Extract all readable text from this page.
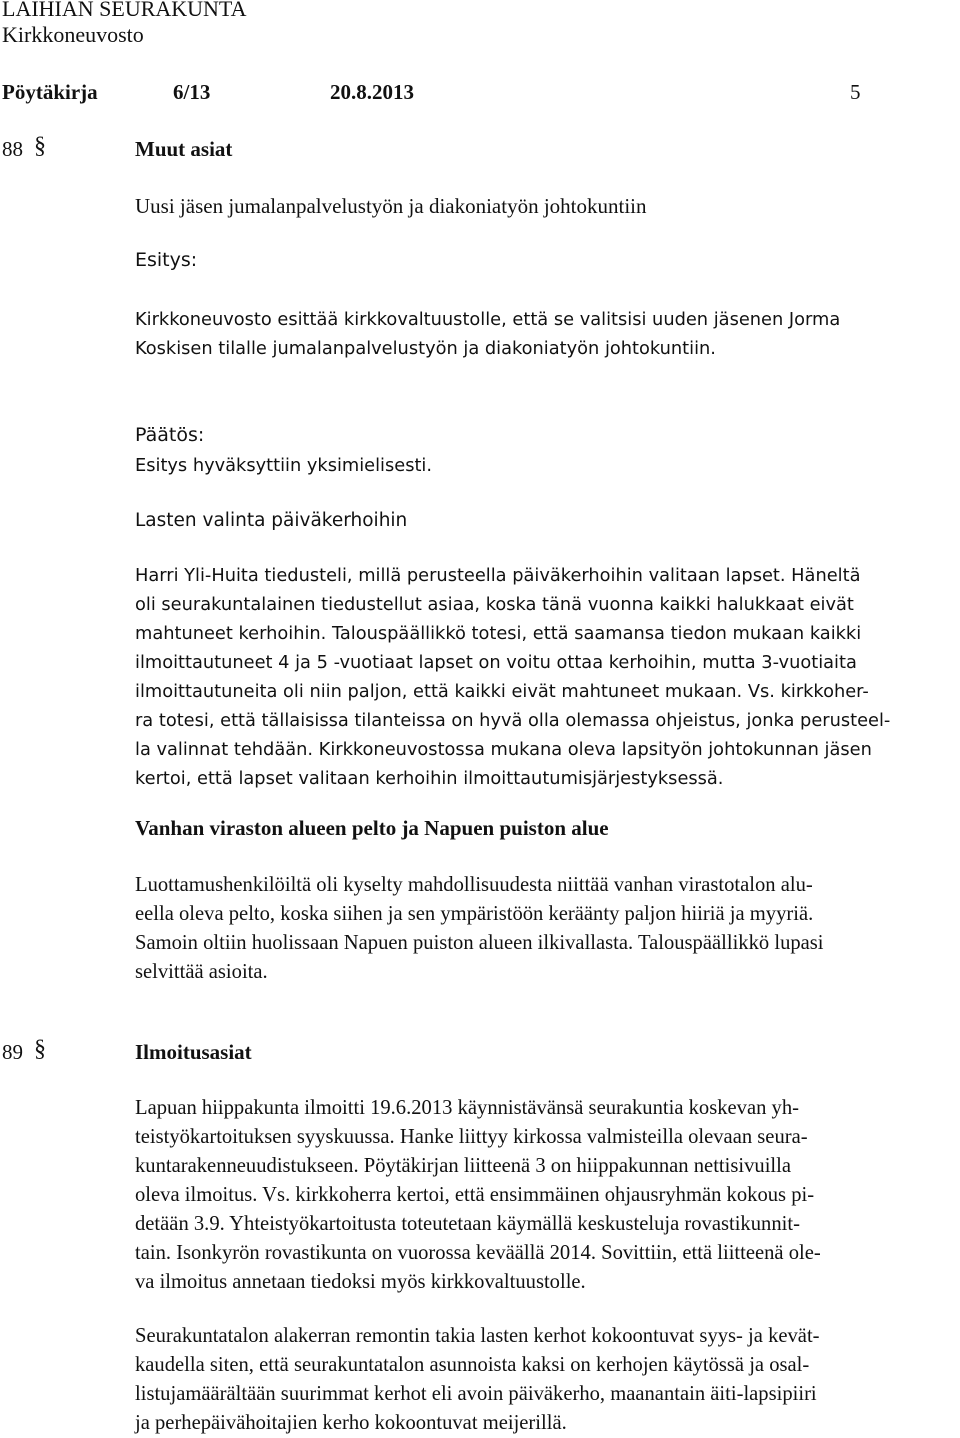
LAIHIAN SEURAKUNTA
Kirkkoneuvosto
Pöytäkirja	6/13	20.8.2013	5
88 §	Muut asiat
Uusi jäsen jumalanpalvelustyön ja diakoniatyön johtokuntiin
Esitys:
Kirkkoneuvosto esittää kirkkovaltuustolle, että se valitsisi uuden jäsenen Jorma
Koskisen tilalle jumalanpalvelustyön ja diakoniatyön johtokuntiin.
Päätös:
Esitys hyväksyttiin yksimielisesti.
Lasten valinta päiväkerhoihin
Harri Yli-Huita tiedusteli, millä perusteella päiväkerhoihin valitaan lapset. Häneltä
oli seurakuntalainen tiedustellut asiaa, koska tänä vuonna kaikki halukkaat eivät
mahtuneet kerhoihin. Talouspäällikkö totesi, että saamansa tiedon mukaan kaikki
ilmoittautuneet 4 ja 5 -vuotiaat lapset on voitu ottaa kerhoihin, mutta 3-vuotiaita
ilmoittautuneita oli niin paljon, että kaikki eivät mahtuneet mukaan. Vs. kirkkoher-
ra totesi, että tällaisissa tilanteissa on hyvä olla olemassa ohjeistus, jonka perusteel-
la valinnat tehdään. Kirkkoneuvostossa mukana oleva lapsityön johtokunnan jäsen
kertoi, että lapset valitaan kerhoihin ilmoittautumisjärjestyksessä.
Vanhan viraston alueen pelto ja Napuen puiston alue
Luottamushenkilöiltä oli kyselty mahdollisuudesta niittää vanhan virastotalon alu-
eella oleva pelto, koska siihen ja sen ympäristöön keräänty paljon hiiriä ja myyriä.
Samoin oltiin huolissaan Napuen puiston alueen ilkivallasta. Talouspäällikkö lupasi
selvittää asioita.
89 §	Ilmoitusasiat
Lapuan hiippakunta ilmoitti 19.6.2013 käynnistävänsä seurakuntia koskevan yh-
teistyökartoituksen syyskuussa. Hanke liittyy kirkossa valmisteilla olevaan seura-
kuntarakenneuudistukseen. Pöytäkirjan liitteenä 3 on hiippakunnan nettisivuilla
oleva ilmoitus. Vs. kirkkoherra kertoi, että ensimmäinen ohjausryhmän kokous pi-
detään 3.9. Yhteistyökartoitusta toteutetaan käymällä keskusteluja rovastikunnit-
tain. Isonkyrön rovastikunta on vuorossa keväällä 2014. Sovittiin, että liitteenä ole-
va ilmoitus annetaan tiedoksi myös kirkkovaltuustolle.
Seurakuntatalon alakerran remontin takia lasten kerhot kokoontuvat syys- ja kevät-
kaudella siten, että seurakuntatalon asunnoista kaksi on kerhojen käytössä ja osal-
listujamäärältään suurimmat kerhot eli avoin päiväkerho, maanantain äiti-lapsipiiri
ja perhepäivähoitajien kerho kokoontuvat meijerillä.
